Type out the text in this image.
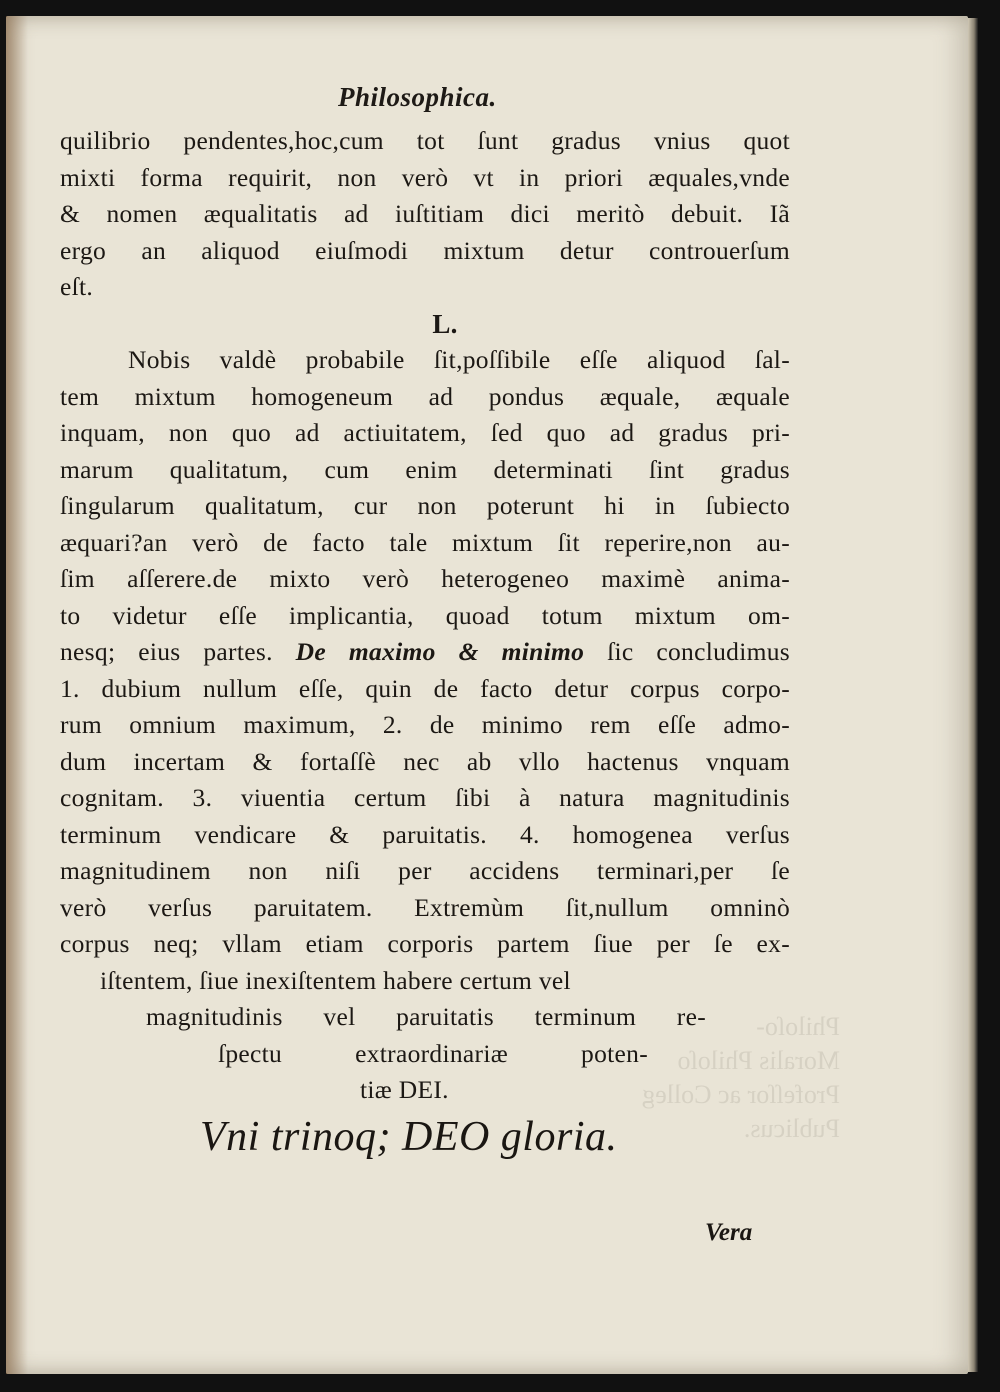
Philoſo-
Moralis Philoſo
Profeſſor ac Colleg
Publicus.
Philosophica.
quilibrio pendentes,hoc,cum tot ſunt gradus vnius quot
mixti forma requirit, non verò vt in priori æquales,vnde
& nomen æqualitatis ad iuſtitiam dici meritò debuit. Iã
ergo an aliquod eiuſmodi mixtum detur controuerſum
eſt.
L.
Nobis valdè probabile ſit,poſſibile eſſe aliquod ſal-
tem mixtum homogeneum ad pondus æquale, æquale
inquam, non quo ad actiuitatem, ſed quo ad gradus pri-
marum qualitatum, cum enim determinati ſint gradus
ſingularum qualitatum, cur non poterunt hi in ſubiecto
æquari?an verò de facto tale mixtum ſit reperire,non au-
ſim aſſerere.de mixto verò heterogeneo maximè anima-
to videtur eſſe implicantia, quoad totum mixtum om-
nesq; eius partes. De maximo & minimo ſic concludimus
1. dubium nullum eſſe, quin de facto detur corpus corpo-
rum omnium maximum, 2. de minimo rem eſſe admo-
dum incertam & fortaſſè nec ab vllo hactenus vnquam
cognitam. 3. viuentia certum ſibi à natura magnitudinis
terminum vendicare & paruitatis. 4. homogenea verſus
magnitudinem non niſi per accidens terminari,per ſe
verò verſus paruitatem. Extremùm ſit,nullum omninò
corpus neq; vllam etiam corporis partem ſiue per ſe ex-
iſtentem, ſiue inexiſtentem habere certum vel
magnitudinis vel paruitatis terminum re-
ſpectu extraordinariæ poten-
tiæ DEI.
Vni trinoq; DEO gloria.
Vera
